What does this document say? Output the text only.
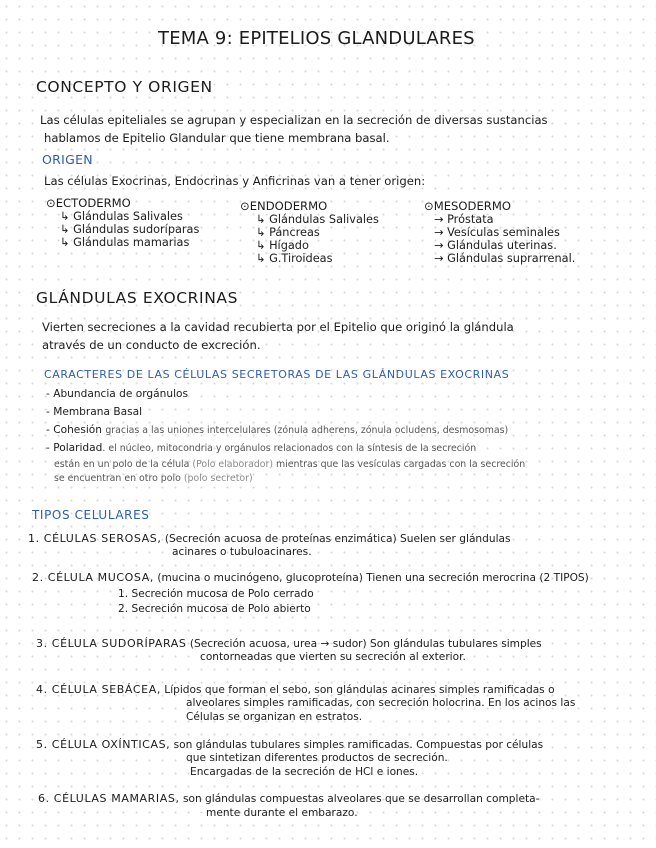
TEMA 9: EPITELIOS GLANDULARES
CONCEPTO Y ORIGEN
Las células epiteliales se agrupan y especializan en la secreción de diversas sustancias
hablamos de Epitelio Glandular que tiene membrana basal.
ORIGEN
Las células Exocrinas, Endocrinas y Anficrinas van a tener origen:
⊙ECTODERMO
↳ Glándulas Salivales
↳ Glándulas sudoríparas
↳ Glándulas mamarias
⊙ENDODERMO
↳ Glándulas Salivales
↳ Páncreas
↳ Hígado
↳ G.Tiroideas
⊙MESODERMO
→ Próstata
→ Vesículas seminales
→ Glándulas uterinas.
→ Glándulas suprarrenal.
GLÁNDULAS EXOCRINAS
Vierten secreciones a la cavidad recubierta por el Epitelio que originó la glándula
através de un conducto de excreción.
CARACTERES DE LAS CÉLULAS SECRETORAS DE LAS GLÁNDULAS EXOCRINAS
- Abundancia de orgánulos
- Membrana Basal
- Cohesión gracias a las uniones intercelulares (zónula adherens, zónula ocludens, desmosomas)
- Polaridad. el núcleo, mitocondria y orgánulos relacionados con la síntesis de la secreción
están en un polo de la célula (Polo elaborador) mientras que las vesículas cargadas con la secreción
se encuentran en otro polo (polo secretor)
TIPOS CELULARES
1. CÉLULAS SEROSAS, (Secreción acuosa de proteínas enzimática) Suelen ser glándulas
acinares o tubuloacinares.
2. CÉLULA MUCOSA, (mucina o mucinógeno, glucoproteína) Tienen una secreción merocrina (2 TIPOS)
1. Secreción mucosa de Polo cerrado
2. Secreción mucosa de Polo abierto
3. CÉLULA SUDORÍPARAS (Secreción acuosa, urea → sudor) Son glándulas tubulares simples
contorneadas que vierten su secreción al exterior.
4. CÉLULA SEBÁCEA, Lípidos que forman el sebo, son glándulas acinares simples ramificadas o
alveolares simples ramificadas, con secreción holocrina. En los acinos las
Células se organizan en estratos.
5. CÉLULA OXÍNTICAS, son glándulas tubulares simples ramificadas. Compuestas por células
que sintetizan diferentes productos de secreción.
Encargadas de la secreción de HCl e iones.
6. CÉLULAS MAMARIAS, son glándulas compuestas alveolares que se desarrollan completa-
mente durante el embarazo.
